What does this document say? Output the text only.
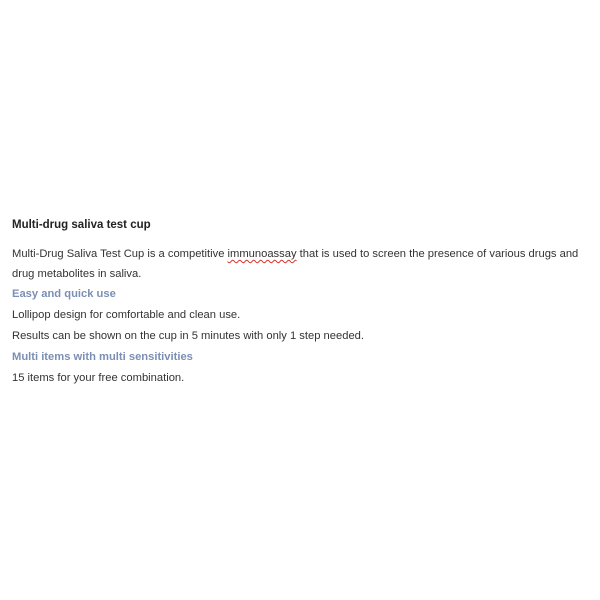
Multi-drug saliva test cup

Multi-Drug Saliva Test Cup is a competitive immunoassay that is used to screen the presence of various drugs and drug metabolites in saliva.

Easy and quick use
Lollipop design for comfortable and clean use.
Results can be shown on the cup in 5 minutes with only 1 step needed.
Multi items with multi sensitivities
15 items for your free combination.
